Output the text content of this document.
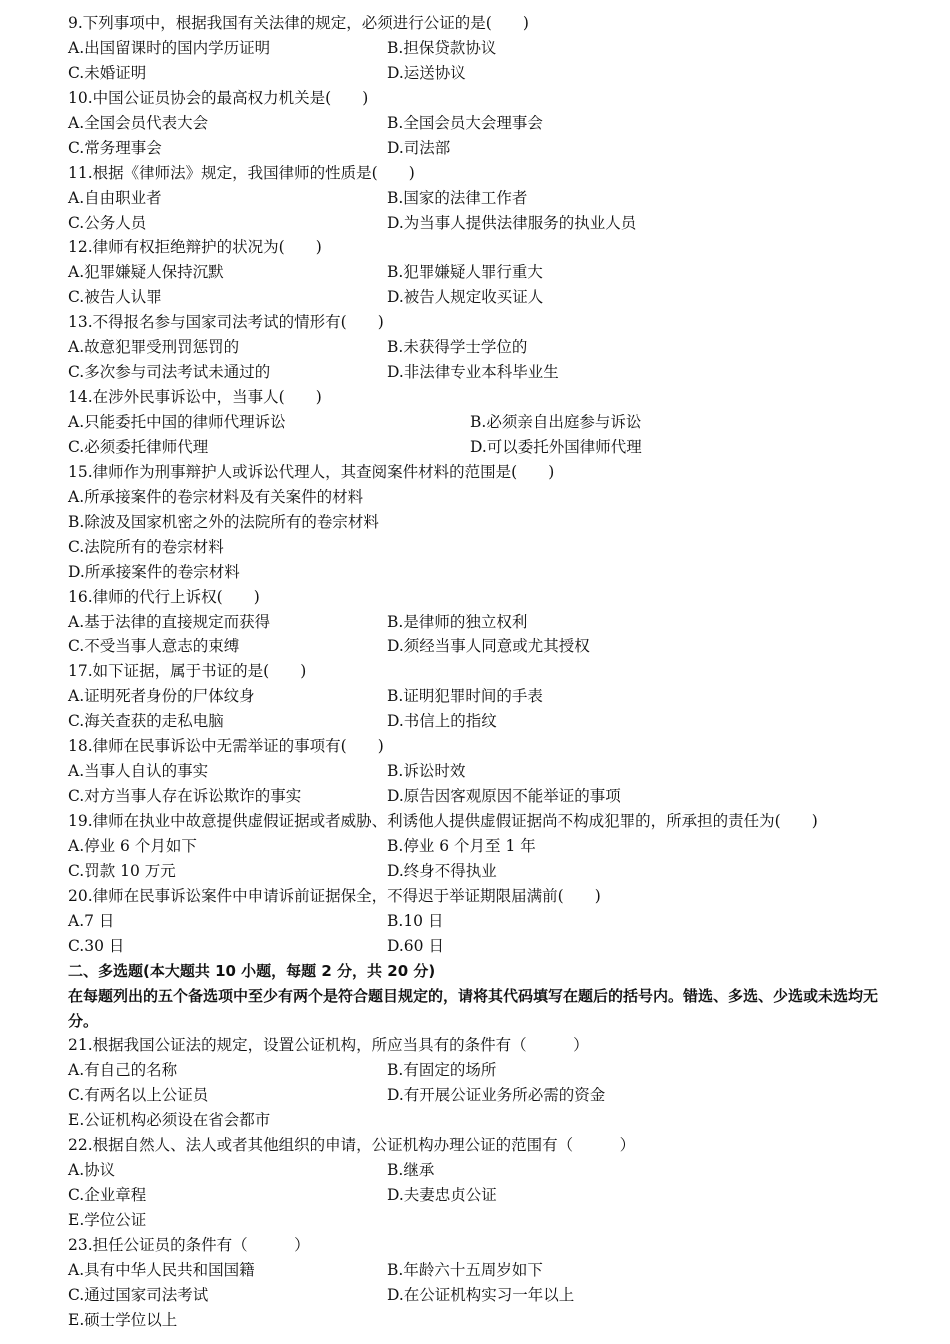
9.下列事项中，根据我国有关法律的规定，必须进行公证的是(　　)
A.出国留课时的国内学历证明	B.担保贷款协议
C.未婚证明	D.运送协议
10.中国公证员协会的最高权力机关是(　　)
A.全国会员代表大会	B.全国会员大会理事会
C.常务理事会	D.司法部
11.根据《律师法》规定，我国律师的性质是(　　)
A.自由职业者	B.国家的法律工作者
C.公务人员	D.为当事人提供法律服务的执业人员
12.律师有权拒绝辩护的状况为(　　)
A.犯罪嫌疑人保持沉默	B.犯罪嫌疑人罪行重大
C.被告人认罪	D.被告人规定收买证人
13.不得报名参与国家司法考试的情形有(　　)
A.故意犯罪受刑罚惩罚的	B.未获得学士学位的
C.多次参与司法考试未通过的	D.非法律专业本科毕业生
14.在涉外民事诉讼中，当事人(　　)
A.只能委托中国的律师代理诉讼	B.必须亲自出庭参与诉讼
C.必须委托律师代理	D.可以委托外国律师代理
15.律师作为刑事辩护人或诉讼代理人，其查阅案件材料的范围是(　　)
A.所承接案件的卷宗材料及有关案件的材料
B.除波及国家机密之外的法院所有的卷宗材料
C.法院所有的卷宗材料
D.所承接案件的卷宗材料
16.律师的代行上诉权(　　)
A.基于法律的直接规定而获得	B.是律师的独立权利
C.不受当事人意志的束缚	D.须经当事人同意或尤其授权
17.如下证据，属于书证的是(　　)
A.证明死者身份的尸体纹身	B.证明犯罪时间的手表
C.海关查获的走私电脑	D.书信上的指纹
18.律师在民事诉讼中无需举证的事项有(　　)
A.当事人自认的事实	B.诉讼时效
C.对方当事人存在诉讼欺诈的事实	D.原告因客观原因不能举证的事项
19.律师在执业中故意提供虚假证据或者威胁、利诱他人提供虚假证据尚不构成犯罪的，所承担的责任为(　　)
A.停业 6 个月如下	B.停业 6 个月至 1 年
C.罚款 10 万元	D.终身不得执业
20.律师在民事诉讼案件中申请诉前证据保全，不得迟于举证期限届满前(　　)
A.7 日	B.10 日
C.30 日	D.60 日
二、多选题(本大题共 10 小题，每题 2 分，共 20 分)
在每题列出的五个备选项中至少有两个是符合题目规定的，请将其代码填写在题后的括号内。错选、多选、少选或未选均无分。
21.根据我国公证法的规定，设置公证机构，所应当具有的条件有（　　　）
A.有自己的名称	B.有固定的场所
C.有两名以上公证员	D.有开展公证业务所必需的资金
E.公证机构必须设在省会都市
22.根据自然人、法人或者其他组织的申请，公证机构办理公证的范围有（　　　）
A.协议	B.继承
C.企业章程	D.夫妻忠贞公证
E.学位公证
23.担任公证员的条件有（　　　）
A.具有中华人民共和国国籍	B.年龄六十五周岁如下
C.通过国家司法考试	D.在公证机构实习一年以上
E.硕士学位以上
